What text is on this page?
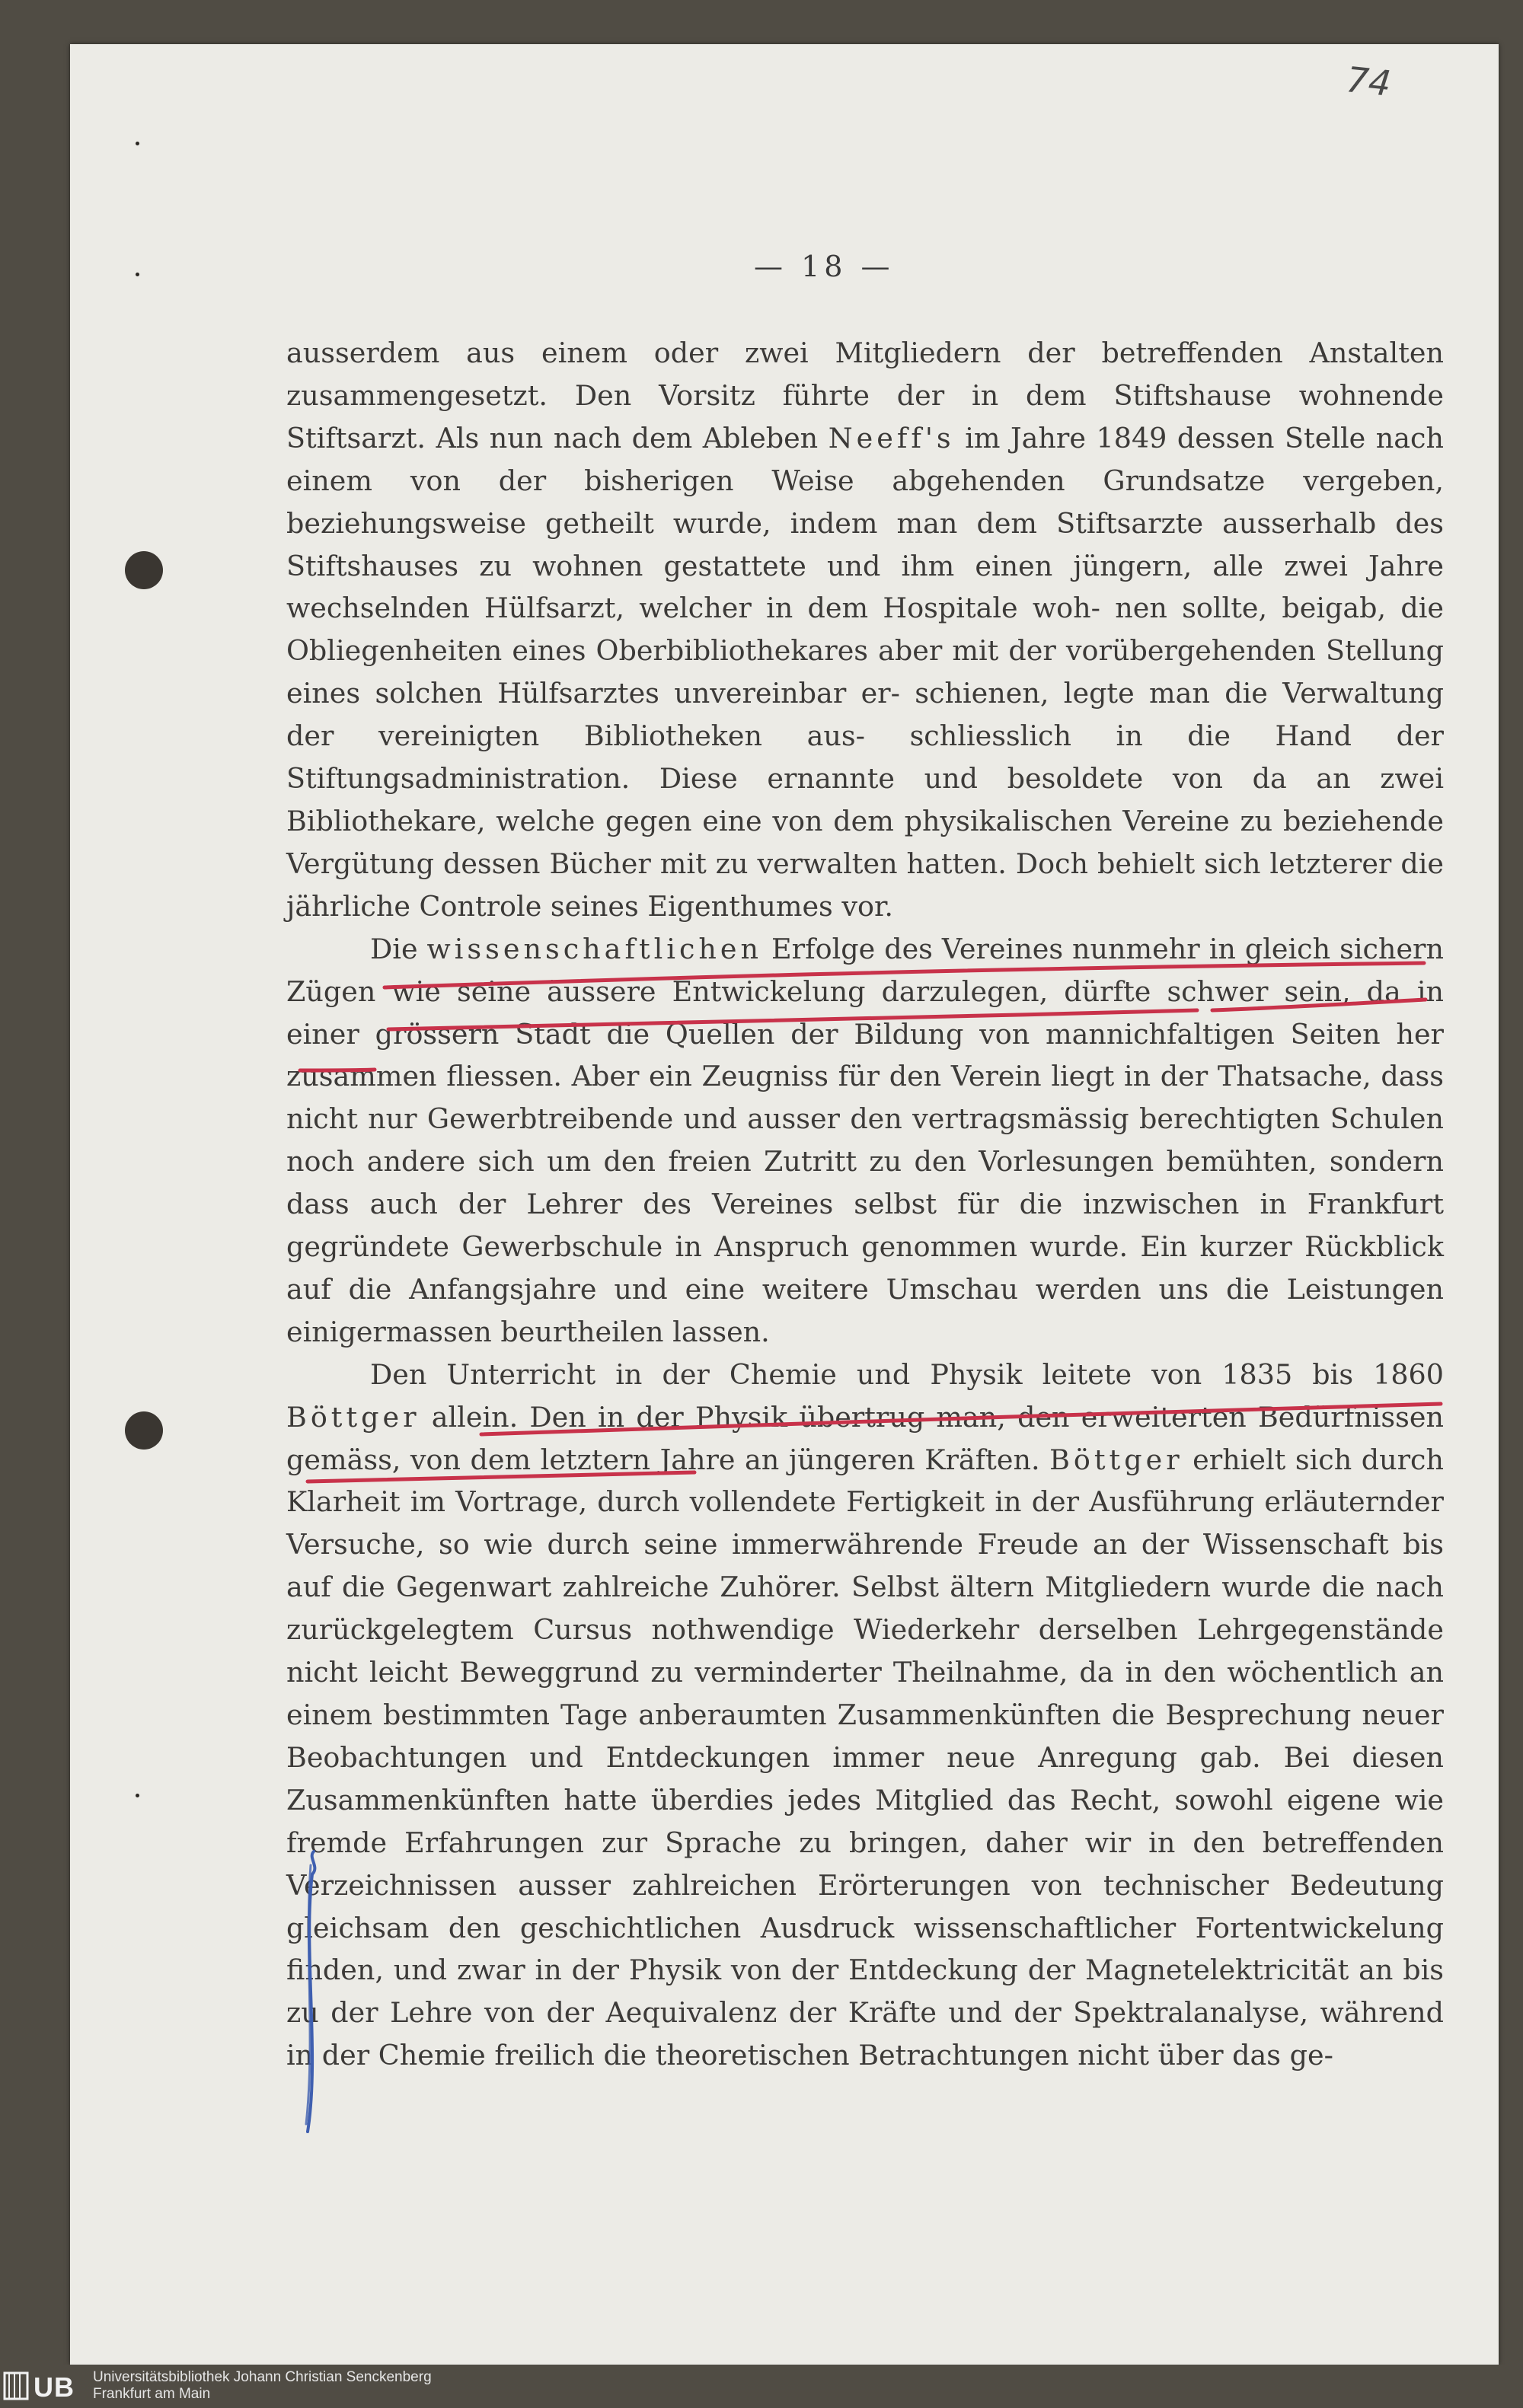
74
— 18 —

ausserdem aus einem oder zwei Mitgliedern der betreffenden Anstalten zusammengesetzt. Den Vorsitz führte der in dem Stiftshause wohnende Stiftsarzt. Als nun nach dem Ableben Neeff's im Jahre 1849 dessen Stelle nach einem von der bisherigen Weise abgehenden Grundsatze vergeben, beziehungsweise getheilt wurde, indem man dem Stiftsarzte ausserhalb des Stiftshauses zu wohnen gestattete und ihm einen jüngern, alle zwei Jahre wechselnden Hülfsarzt, welcher in dem Hospitale woh- nen sollte, beigab, die Obliegenheiten eines Oberbibliothekares aber mit der vorübergehenden Stellung eines solchen Hülfsarztes unvereinbar er- schienen, legte man die Verwaltung der vereinigten Bibliotheken aus- schliesslich in die Hand der Stiftungsadministration. Diese ernannte und besoldete von da an zwei Bibliothekare, welche gegen eine von dem physikalischen Vereine zu beziehende Vergütung dessen Bücher mit zu verwalten hatten. Doch behielt sich letzterer die jährliche Controle seines Eigenthumes vor.

Die wissenschaftlichen Erfolge des Vereines nunmehr in gleich sichern Zügen wie seine äussere Entwickelung darzulegen, dürfte schwer sein, da in einer grössern Stadt die Quellen der Bildung von mannichfaltigen Seiten her zusammen fliessen. Aber ein Zeugniss für den Verein liegt in der Thatsache, dass nicht nur Gewerbtreibende und ausser den vertragsmässig berechtigten Schulen noch andere sich um den freien Zutritt zu den Vorlesungen bemühten, sondern dass auch der Lehrer des Vereines selbst für die inzwischen in Frankfurt gegründete Gewerbschule in Anspruch genommen wurde. Ein kurzer Rückblick auf die Anfangsjahre und eine weitere Umschau werden uns die Leistungen einigermassen beurtheilen lassen.

Den Unterricht in der Chemie und Physik leitete von 1835 bis 1860 Böttger allein. Den in der Physik übertrug man, den erweiterten Bedürfnissen gemäss, von dem letztern Jahre an jüngeren Kräften. Böttger erhielt sich durch Klarheit im Vortrage, durch vollendete Fertigkeit in der Ausführung erläuternder Versuche, so wie durch seine immerwährende Freude an der Wissenschaft bis auf die Gegenwart zahlreiche Zuhörer. Selbst ältern Mitgliedern wurde die nach zurückgelegtem Cursus nothwendige Wiederkehr derselben Lehrgegenstände nicht leicht Beweggrund zu verminderter Theilnahme, da in den wöchentlich an einem bestimmten Tage anberaumten Zusammenkünften die Besprechung neuer Beobachtungen und Entdeckungen immer neue Anregung gab. Bei diesen Zusammenkünften hatte überdies jedes Mitglied das Recht, sowohl eigene wie fremde Erfahrungen zur Sprache zu bringen, daher wir in den betreffenden Verzeichnissen ausser zahlreichen Erörterungen von technischer Bedeutung gleichsam den geschichtlichen Ausdruck wissenschaftlicher Fortentwickelung finden, und zwar in der Physik von der Entdeckung der Magnetelektricität an bis zu der Lehre von der Aequivalenz der Kräfte und der Spektralanalyse, während in der Chemie freilich die theoretischen Betrachtungen nicht über das ge-

UB Universitätsbibliothek Johann Christian Senckenberg
Frankfurt am Main
